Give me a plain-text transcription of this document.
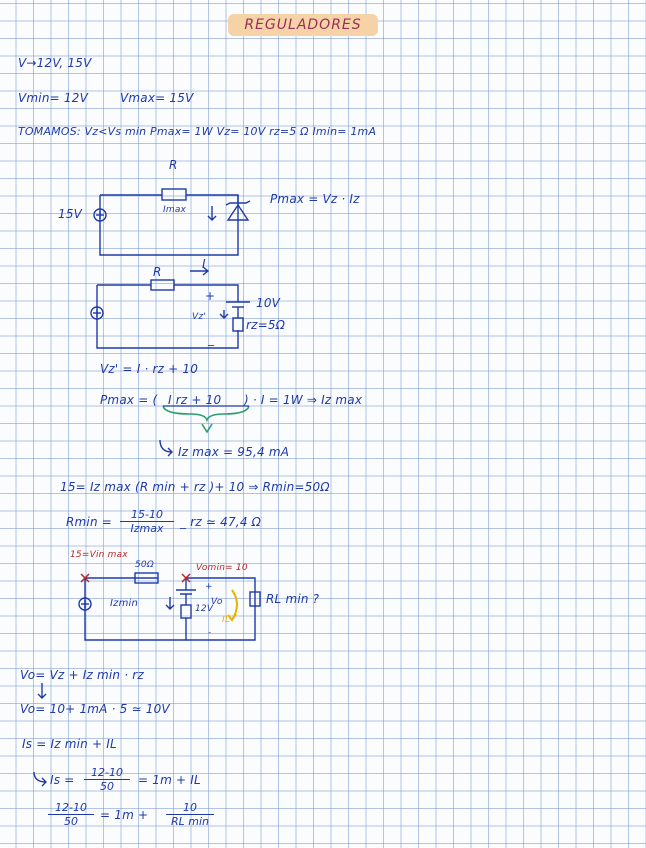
REGULADORES
V→12V, 15V
Vmin= 12V	Vmax= 15V
TOMAMOS: Vz<Vs min Pmax= 1W Vz= 10V rz=5 Ω Imin= 1mA
R
Imax
15V
Pmax = Vz · Iz
R
I
+
_
10V
Vz'
rz=5Ω
Vz' = I · rz + 10
Pmax = ( I rz + 10 ) · I = 1W ⇒ Iz max
Iz max = 95,4 mA
15= Iz max (R min + rz )+ 10 ⇒ Rmin=50Ω
Rmin =
15-10
Izmax	_ rz ≃ 47,4 Ω
15=Vin max
50Ω	Vomin= 10
Izmin	12V
Vo
IL
RL min ?
+
-
Vo= Vz + Iz min · rz
Vo= 10+ 1mA · 5 ≃ 10V
Is = Iz min + IL
$Is = \frac{12-10}{50} = 1m$ + IL
$\frac{12-10}{50} = 1m$ +
10
RL min
